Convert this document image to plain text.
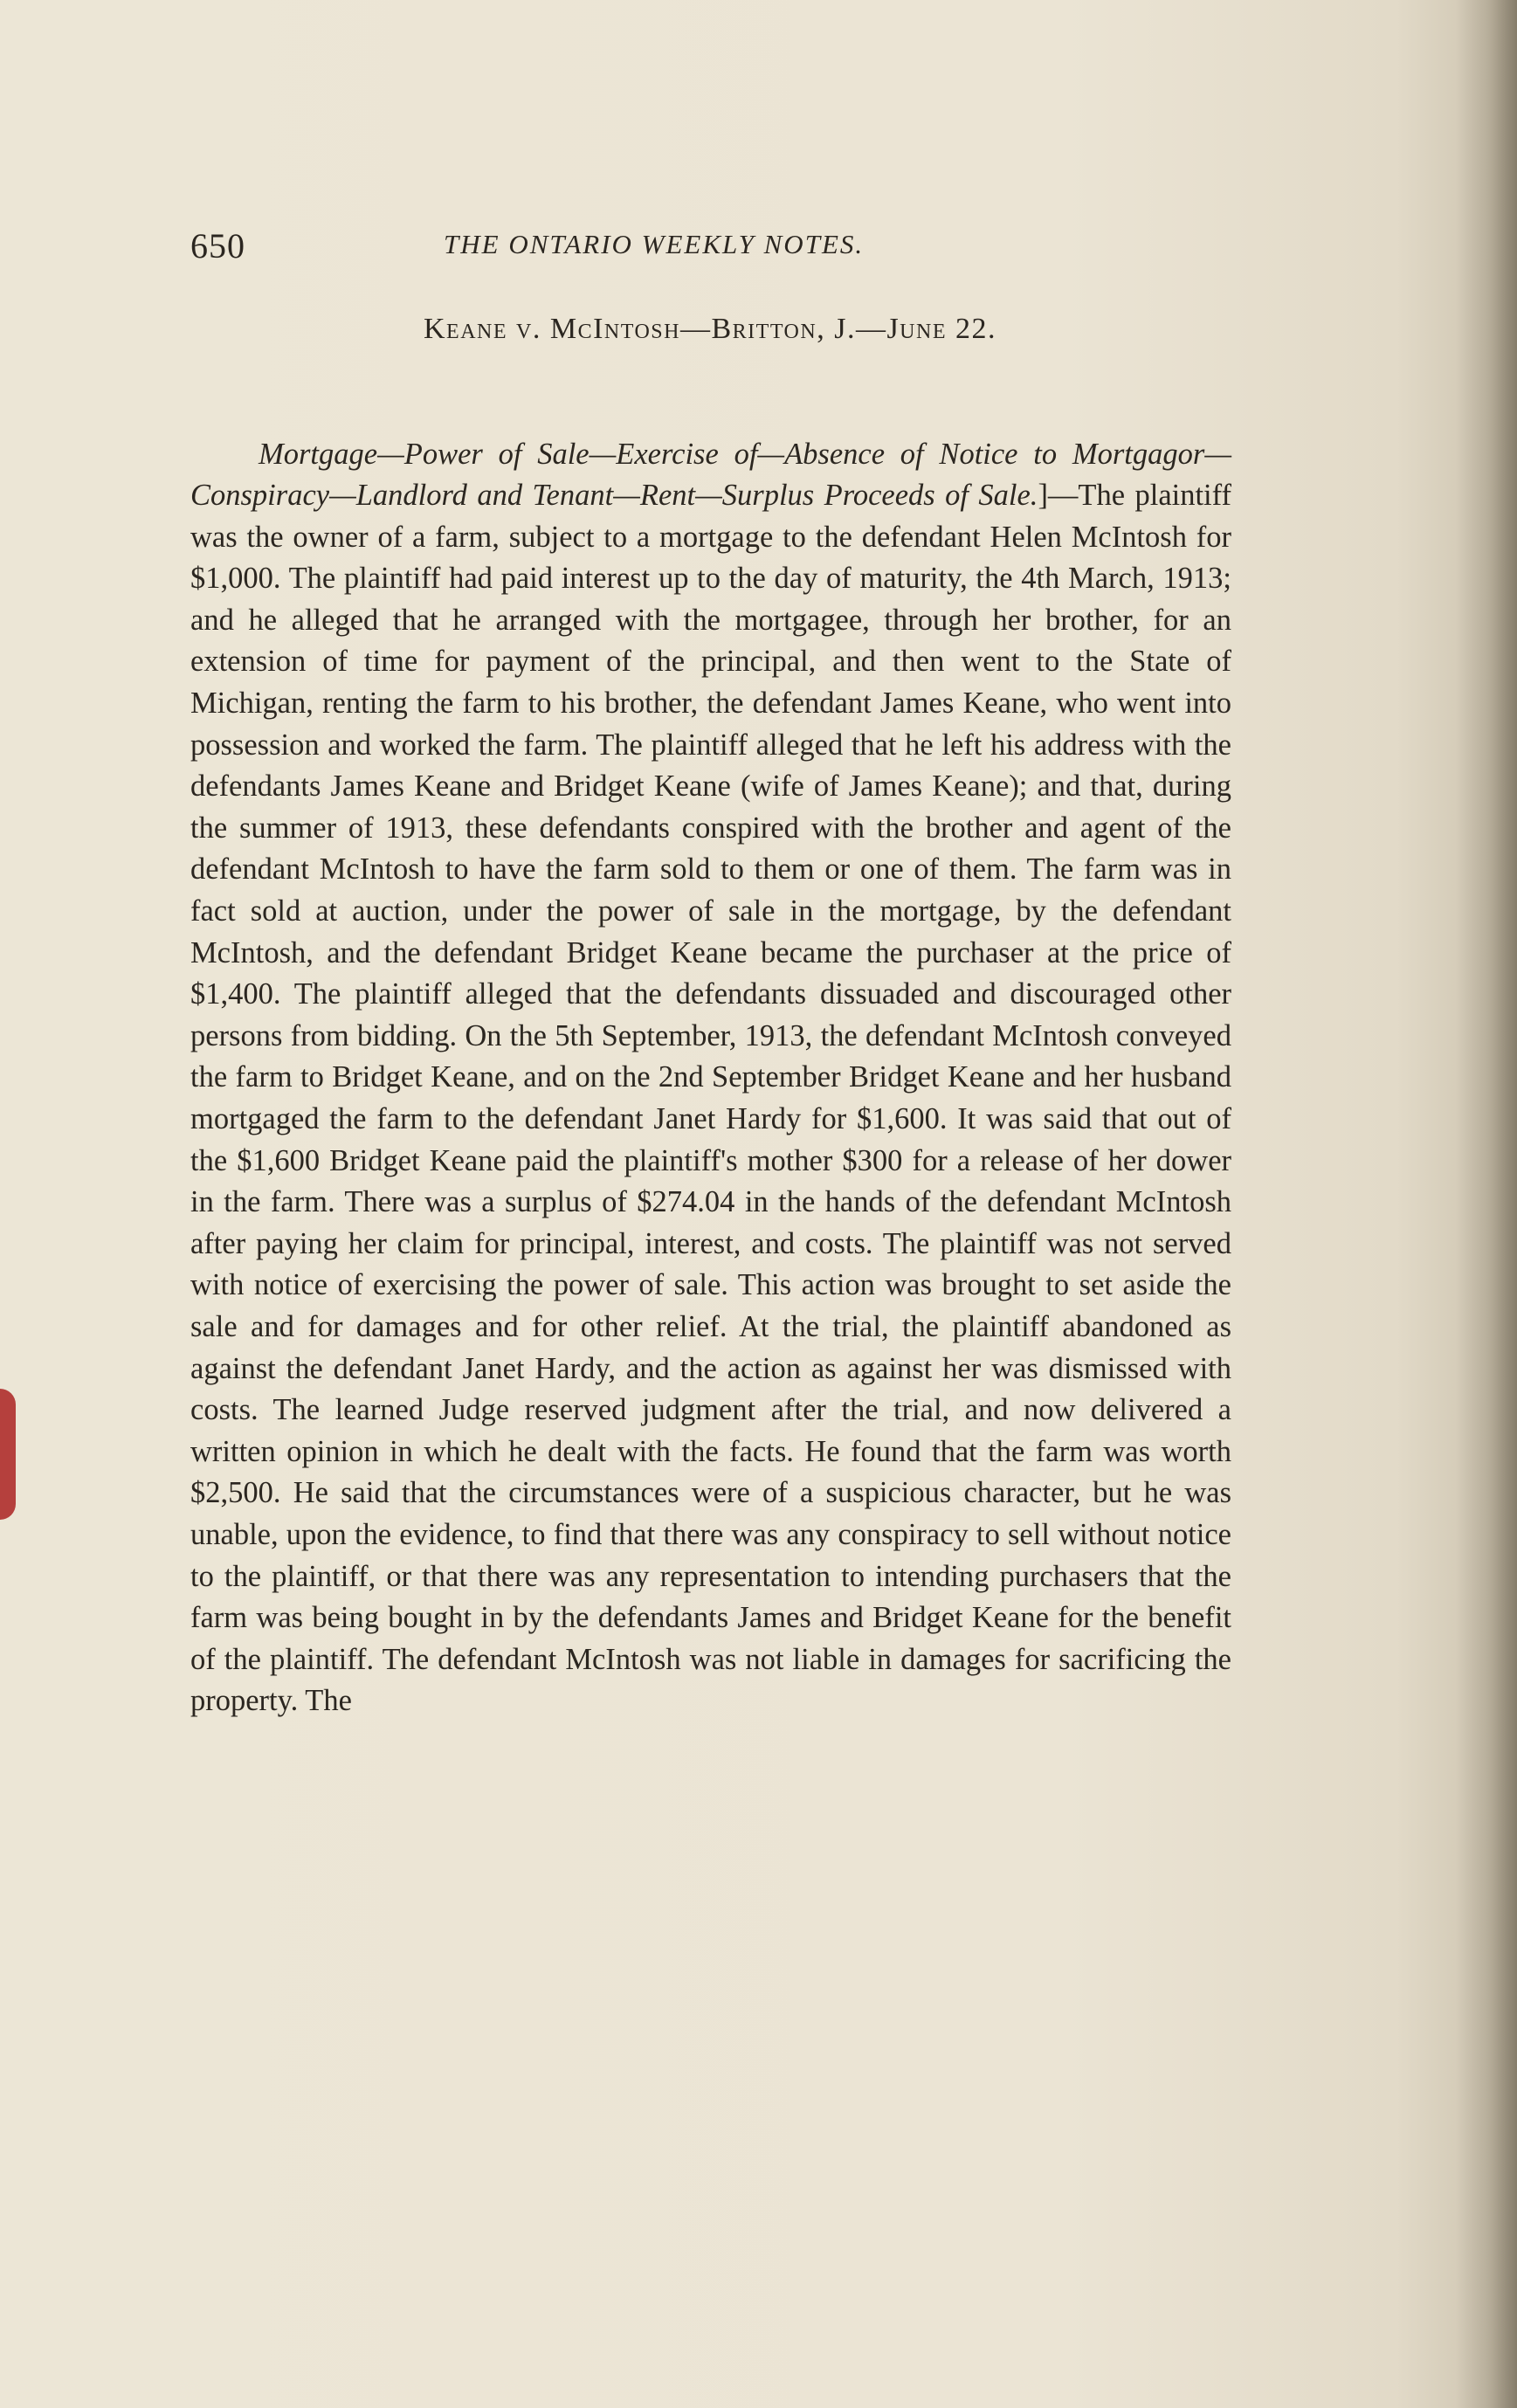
650	THE ONTARIO WEEKLY NOTES.
Keane v. McIntosh—Britton, J.—June 22.

Mortgage—Power of Sale—Exercise of—Absence of Notice to Mortgagor—Conspiracy—Landlord and Tenant—Rent—Surplus Proceeds of Sale.]—The plaintiff was the owner of a farm, subject to a mortgage to the defendant Helen McIntosh for $1,000. The plaintiff had paid interest up to the day of maturity, the 4th March, 1913; and he alleged that he arranged with the mortgagee, through her brother, for an extension of time for payment of the principal, and then went to the State of Michigan, renting the farm to his brother, the defendant James Keane, who went into possession and worked the farm. The plaintiff alleged that he left his address with the defendants James Keane and Bridget Keane (wife of James Keane); and that, during the summer of 1913, these defendants conspired with the brother and agent of the defendant McIntosh to have the farm sold to them or one of them. The farm was in fact sold at auction, under the power of sale in the mortgage, by the defendant McIntosh, and the defendant Bridget Keane became the purchaser at the price of $1,400. The plaintiff alleged that the defendants dissuaded and discouraged other persons from bidding. On the 5th September, 1913, the defendant McIntosh conveyed the farm to Bridget Keane, and on the 2nd September Bridget Keane and her husband mortgaged the farm to the defendant Janet Hardy for $1,600. It was said that out of the $1,600 Bridget Keane paid the plaintiff's mother $300 for a release of her dower in the farm. There was a surplus of $274.04 in the hands of the defendant McIntosh after paying her claim for principal, interest, and costs. The plaintiff was not served with notice of exercising the power of sale. This action was brought to set aside the sale and for damages and for other relief. At the trial, the plaintiff abandoned as against the defendant Janet Hardy, and the action as against her was dismissed with costs. The learned Judge reserved judgment after the trial, and now delivered a written opinion in which he dealt with the facts. He found that the farm was worth $2,500. He said that the circumstances were of a suspicious character, but he was unable, upon the evidence, to find that there was any conspiracy to sell without notice to the plaintiff, or that there was any representation to intending purchasers that the farm was being bought in by the defendants James and Bridget Keane for the benefit of the plaintiff. The defendant McIntosh was not liable in damages for sacrificing the property. The
